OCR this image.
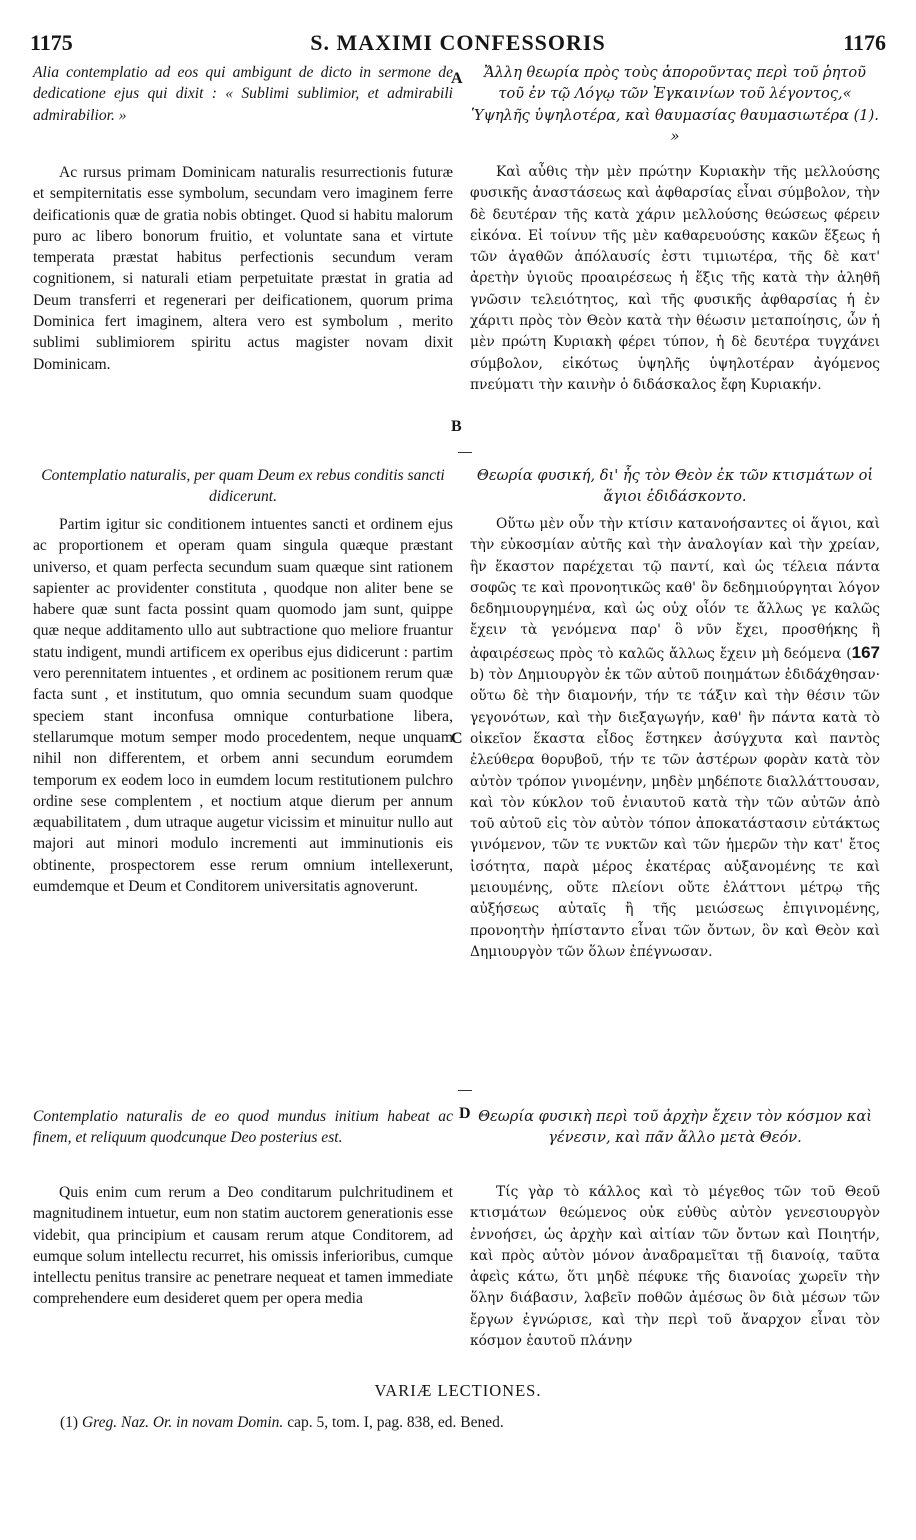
1175	S. MAXIMI CONFESSORIS	1176
A
B
C
D

Alia contemplatio ad eos qui ambigunt de dicto in sermone de dedicatione ejus qui dixit : « Sublimi sublimior, et admirabili admirabilior. »

Ac rursus primam Dominicam naturalis resurrectionis futuræ et sempiternitatis esse symbolum, secundam vero imaginem ferre deificationis quæ de gratia nobis obtinget. Quod si habitu malorum puro ac libero bonorum fruitio, et voluntate sana et virtute temperata præstat habitus perfectionis secundum veram cognitionem, si naturali etiam perpetuitate præstat in gratia ad Deum transferri et regenerari per deificationem, quorum prima Dominica fert imaginem, altera vero est symbolum , merito sublimi sublimiorem spiritu actus magister novam dixit Dominicam.

Contemplatio naturalis, per quam Deum ex rebus conditis sancti didicerunt.

Partim igitur sic conditionem intuentes sancti et ordinem ejus ac proportionem et operam quam singula quæque præstant universo, et quam perfecta secundum suam quæque sint rationem sapienter ac providenter constituta , quodque non aliter bene se habere quæ sunt facta possint quam quomodo jam sunt, quippe quæ neque additamento ullo aut subtractione quo meliore fruantur statu indigent, mundi artificem ex operibus ejus didicerunt : partim vero perennitatem intuentes , et ordinem ac positionem rerum quæ facta sunt , et institutum, quo omnia secundum suam quodque speciem stant inconfusa omnique conturbatione libera, stellarumque motum semper modo procedentem, neque unquam nihil non differentem, et orbem anni secundum eorumdem temporum ex eodem loco in eumdem locum restitutionem pulchro ordine sese complentem , et noctium atque dierum per annum æquabilitatem , dum utraque augetur vicissim et minuitur nullo aut majori aut minori modulo incrementi aut imminutionis eis obtinente, prospectorem esse rerum omnium intellexerunt, eumdemque et Deum et Conditorem universitatis agnoverunt.

Contemplatio naturalis de eo quod mundus initium habeat ac finem, et reliquum quodcunque Deo posterius est.

Quis enim cum rerum a Deo conditarum pulchritudinem et magnitudinem intuetur, eum non statim auctorem generationis esse videbit, qua principium et causam rerum atque Conditorem, ad eumque solum intellectu recurret, his omissis inferioribus, cumque intellectu penitus transire ac penetrare nequeat et tamen immediate comprehendere eum desideret quem per opera media

Ἄλλη θεωρία πρὸς τοὺς ἀποροῦντας περὶ τοῦ ῥητοῦ τοῦ ἐν τῷ Λόγῳ τῶν Ἐγκαινίων τοῦ λέγοντος,« Ὑψηλῆς ὑψηλοτέρα, καὶ θαυμασίας θαυμασιωτέρα (1). »

Καὶ αὖθις τὴν μὲν πρώτην Κυριακὴν τῆς μελλούσης φυσικῆς ἀναστάσεως καὶ ἀφθαρσίας εἶναι σύμβολον, τὴν δὲ δευτέραν τῆς κατὰ χάριν μελλούσης θεώσεως φέρειν εἰκόνα. Εἰ τοίνυν τῆς μὲν καθαρευούσης κακῶν ἕξεως ἡ τῶν ἀγαθῶν ἀπόλαυσίς ἐστι τιμιωτέρα, τῆς δὲ κατ' ἀρετὴν ὑγιοῦς προαιρέσεως ἡ ἕξις τῆς κατὰ τὴν ἀληθῆ γνῶσιν τελειότητος, καὶ τῆς φυσικῆς ἀφθαρσίας ἡ ἐν χάριτι πρὸς τὸν Θεὸν κατὰ τὴν θέωσιν μεταποίησις, ὧν ἡ μὲν πρώτη Κυριακὴ φέρει τύπον, ἡ δὲ δευτέρα τυγχάνει σύμβολον, εἰκότως ὑψηλῆς ὑψηλοτέραν ἀγόμενος πνεύματι τὴν καινὴν ὁ διδάσκαλος ἔφη Κυριακήν.

Θεωρία φυσική, δι' ἧς τὸν Θεὸν ἐκ τῶν κτισμάτων οἱ ἅγιοι ἐδιδάσκοντο.

Οὕτω μὲν οὖν τὴν κτίσιν κατανοήσαντες οἱ ἅγιοι, καὶ τὴν εὐκοσμίαν αὐτῆς καὶ τὴν ἀναλογίαν καὶ τὴν χρείαν, ἣν ἕκαστον παρέχεται τῷ παντί, καὶ ὡς τέλεια πάντα σοφῶς τε καὶ προνοητικῶς καθ' ὃν δεδημιούργηται λόγον δεδημιουργημένα, καὶ ὡς οὐχ οἷόν τε ἄλλως γε καλῶς ἔχειν τὰ γενόμενα παρ' ὃ νῦν ἔχει, προσθήκης ἢ ἀφαιρέσεως πρὸς τὸ καλῶς ἄλλως ἔχειν μὴ δεόμενα (167 b) τὸν Δημιουργὸν ἐκ τῶν αὐτοῦ ποιημάτων ἐδιδάχθησαν· οὕτω δὲ τὴν διαμονήν, τήν τε τάξιν καὶ τὴν θέσιν τῶν γεγονότων, καὶ τὴν διεξαγωγήν, καθ' ἣν πάντα κατὰ τὸ οἰκεῖον ἕκαστα εἶδος ἕστηκεν ἀσύγχυτα καὶ παντὸς ἐλεύθερα θορυβοῦ, τήν τε τῶν ἀστέρων φορὰν κατὰ τὸν αὐτὸν τρόπον γινομένην, μηδὲν μηδέποτε διαλλάττουσαν, καὶ τὸν κύκλον τοῦ ἐνιαυτοῦ κατὰ τὴν τῶν αὐτῶν ἀπὸ τοῦ αὐτοῦ εἰς τὸν αὐτὸν τόπον ἀποκατάστασιν εὐτάκτως γινόμενον, τῶν τε νυκτῶν καὶ τῶν ἡμερῶν τὴν κατ' ἔτος ἰσότητα, παρὰ μέρος ἑκατέρας αὐξανομένης τε καὶ μειουμένης, οὔτε πλείονι οὔτε ἐλάττονι μέτρῳ τῆς αὐξήσεως αὐταῖς ἢ τῆς μειώσεως ἐπιγινομένης, προνοητὴν ἠπίσταντο εἶναι τῶν ὄντων, ὃν καὶ Θεὸν καὶ Δημιουργὸν τῶν ὅλων ἐπέγνωσαν.

Θεωρία φυσικὴ περὶ τοῦ ἀρχὴν ἔχειν τὸν κόσμον καὶ γένεσιν, καὶ πᾶν ἄλλο μετὰ Θεόν.

Τίς γὰρ τὸ κάλλος καὶ τὸ μέγεθος τῶν τοῦ Θεοῦ κτισμάτων θεώμενος οὐκ εὐθὺς αὐτὸν γενεσιουργὸν ἐννοήσει, ὡς ἀρχὴν καὶ αἰτίαν τῶν ὄντων καὶ Ποιητήν, καὶ πρὸς αὐτὸν μόνον ἀναδραμεῖται τῇ διανοίᾳ, ταῦτα ἀφεὶς κάτω, ὅτι μηδὲ πέφυκε τῆς διανοίας χωρεῖν τὴν ὅλην διάβασιν, λαβεῖν ποθῶν ἀμέσως ὃν διὰ μέσων τῶν ἔργων ἐγνώρισε, καὶ τὴν περὶ τοῦ ἄναρχον εἶναι τὸν κόσμον ἑαυτοῦ πλάνην

VARIÆ LECTIONES.
(1) Greg. Naz. Or. in novam Domin. cap. 5, tom. I, pag. 838, ed. Bened.
